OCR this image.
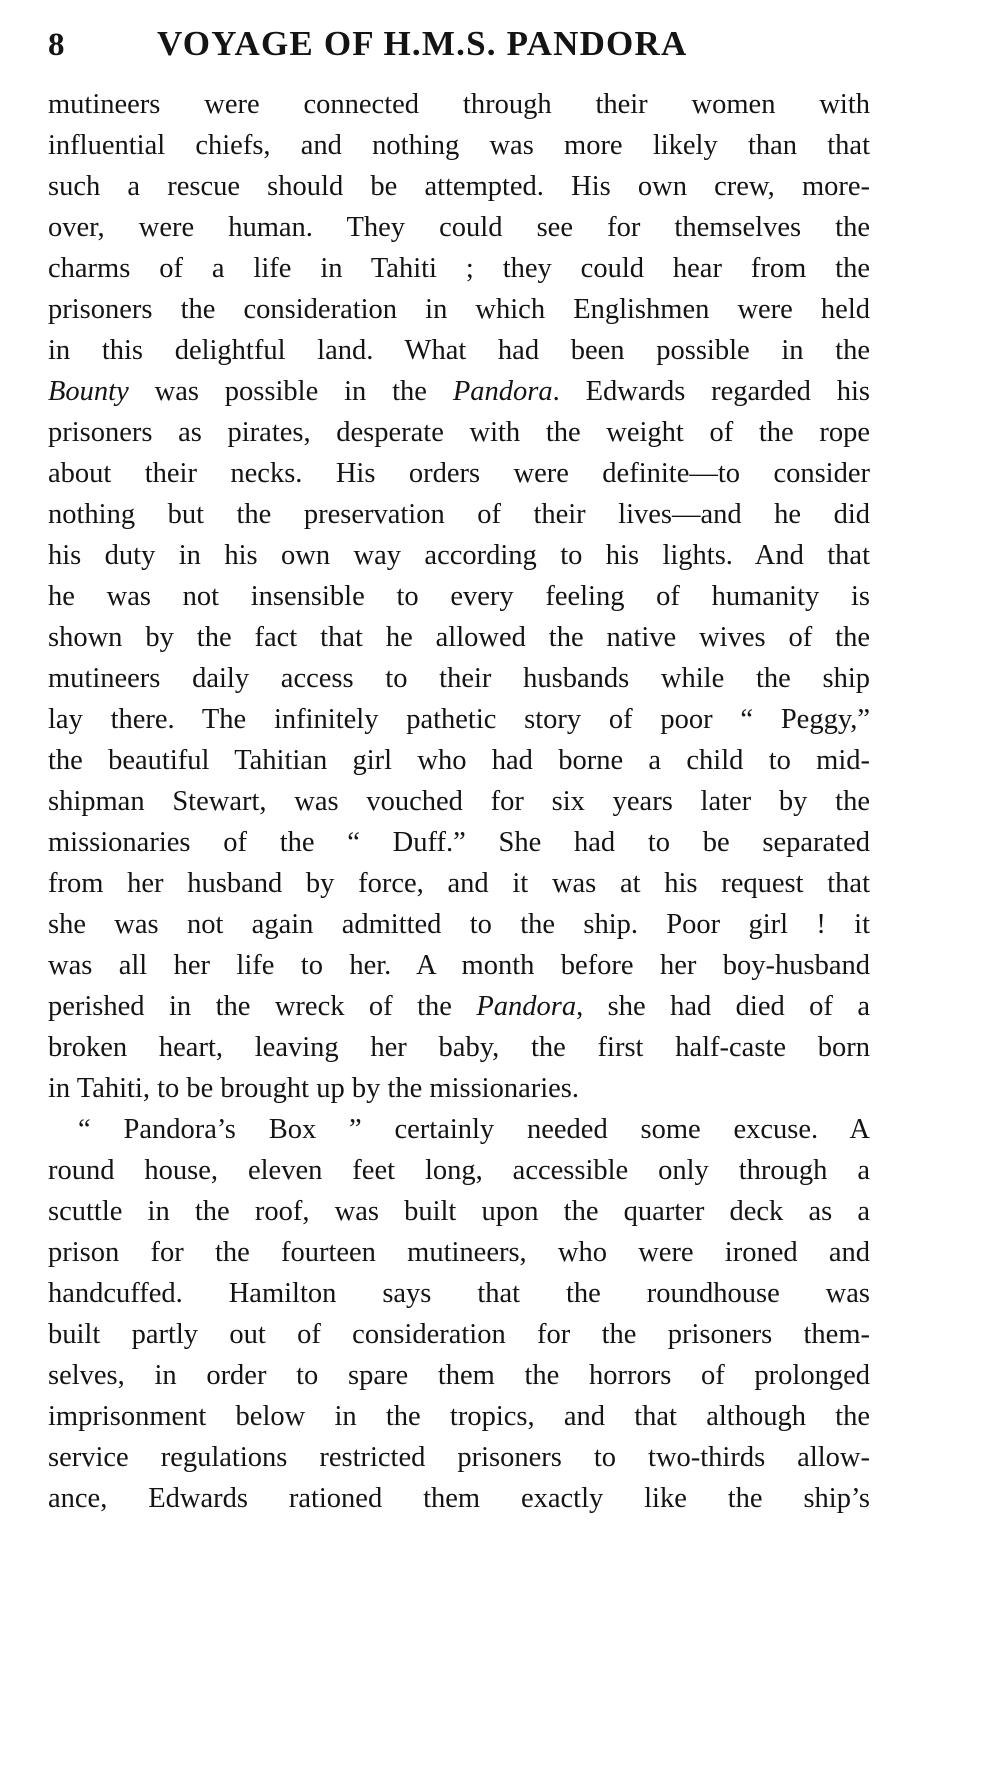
8	VOYAGE OF H.M.S. PANDORA
mutineers were connected through their women with
influential chiefs, and nothing was more likely than that
such a rescue should be attempted. His own crew, more-
over, were human. They could see for themselves the
charms of a life in Tahiti ; they could hear from the
prisoners the consideration in which Englishmen were held
in this delightful land. What had been possible in the
Bounty was possible in the Pandora. Edwards regarded his
prisoners as pirates, desperate with the weight of the rope
about their necks. His orders were definite—to consider
nothing but the preservation of their lives—and he did
his duty in his own way according to his lights. And that
he was not insensible to every feeling of humanity is
shown by the fact that he allowed the native wives of the
mutineers daily access to their husbands while the ship
lay there. The infinitely pathetic story of poor “ Peggy,”
the beautiful Tahitian girl who had borne a child to mid-
shipman Stewart, was vouched for six years later by the
missionaries of the “ Duff.” She had to be separated
from her husband by force, and it was at his request that
she was not again admitted to the ship. Poor girl ! it
was all her life to her. A month before her boy-husband
perished in the wreck of the Pandora, she had died of a
broken heart, leaving her baby, the first half-caste born
in Tahiti, to be brought up by the missionaries.
“ Pandora’s Box ” certainly needed some excuse. A
round house, eleven feet long, accessible only through a
scuttle in the roof, was built upon the quarter deck as a
prison for the fourteen mutineers, who were ironed and
handcuffed. Hamilton says that the roundhouse was
built partly out of consideration for the prisoners them-
selves, in order to spare them the horrors of prolonged
imprisonment below in the tropics, and that although the
service regulations restricted prisoners to two-thirds allow-
ance, Edwards rationed them exactly like the ship’s
